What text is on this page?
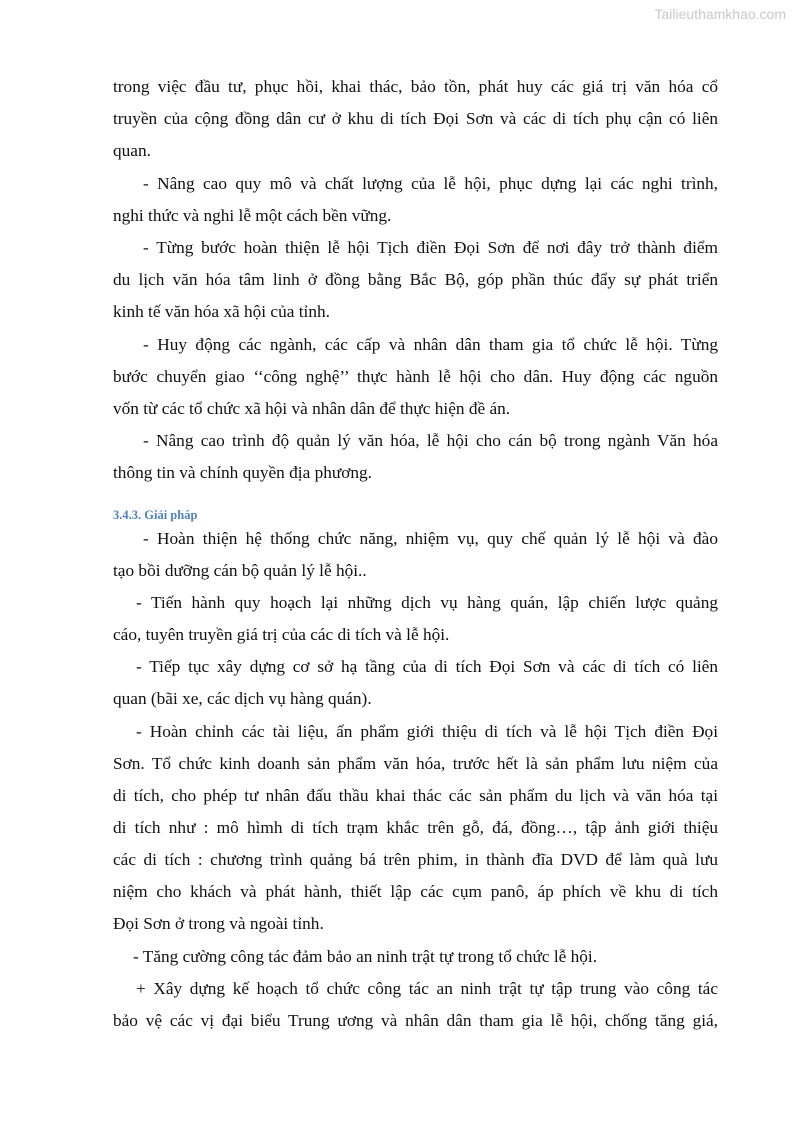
Tailieuthamkhao.com
trong việc đầu tư, phục hồi, khai thác, bảo tồn, phát huy các giá trị văn hóa cổ
truyền của cộng đồng dân cư ở khu di tích Đọi Sơn và các di tích phụ cận có liên
quan.
- Nâng cao quy mô và chất lượng của lễ hội, phục dựng lại các nghi trình,
nghi thức và nghi lễ một cách bền vững.
- Từng bước hoàn thiện lễ hội Tịch điền Đọi Sơn để nơi đây trở thành điểm
du lịch văn hóa tâm linh ở đồng bằng Bắc Bộ, góp phần thúc đẩy sự phát triển
kinh tế văn hóa xã hội của tỉnh.
- Huy động các ngành, các cấp và nhân dân tham gia tổ chức lễ hội. Từng
bước chuyển giao ‘‘công nghệ’’ thực hành lễ hội cho dân. Huy động các nguồn
vốn từ các tổ chức xã hội và nhân dân để thực hiện đề án.
- Nâng cao trình độ quản lý văn hóa, lễ hội cho cán bộ trong ngành Văn hóa
thông tin và chính quyền địa phương.
3.4.3. Giải pháp
- Hoàn thiện hệ thống chức năng, nhiệm vụ, quy chế quản lý lễ hội và đào
tạo bồi dưỡng cán bộ quản lý lễ hội..
- Tiến hành quy hoạch lại những dịch vụ hàng quán, lập chiến lược quảng
cáo, tuyên truyền giá trị của các di tích và lễ hội.
- Tiếp tục xây dựng cơ sở hạ tầng của di tích Đọi Sơn và các di tích có liên
quan (bãi xe, các dịch vụ hàng quán).
- Hoàn chỉnh các tài liệu, ấn phẩm giới thiệu di tích và lễ hội Tịch điền Đọi
Sơn. Tổ chức kinh doanh sản phẩm văn hóa, trước hết là sản phẩm lưu niệm của
di tích, cho phép tư nhân đấu thầu khai thác các sản phẩm du lịch và văn hóa tại
di tích như : mô hìmh di tích trạm khắc trên gỗ, đá, đồng…, tập ảnh giới thiệu
các di tích : chương trình quảng bá trên phim, in thành đĩa DVD để làm quà lưu
niệm cho khách và phát hành, thiết lập các cụm panô, áp phích về khu di tích
Đọi Sơn ở trong và ngoài tỉnh.
- Tăng cường công tác đảm bảo an ninh trật tự trong tổ chức lễ hội.
+ Xây dựng kế hoạch tổ chức công tác an ninh trật tự tập trung vào công tác
bảo vệ các vị đại biểu Trung ương và nhân dân tham gia lễ hội, chống tăng giá,
